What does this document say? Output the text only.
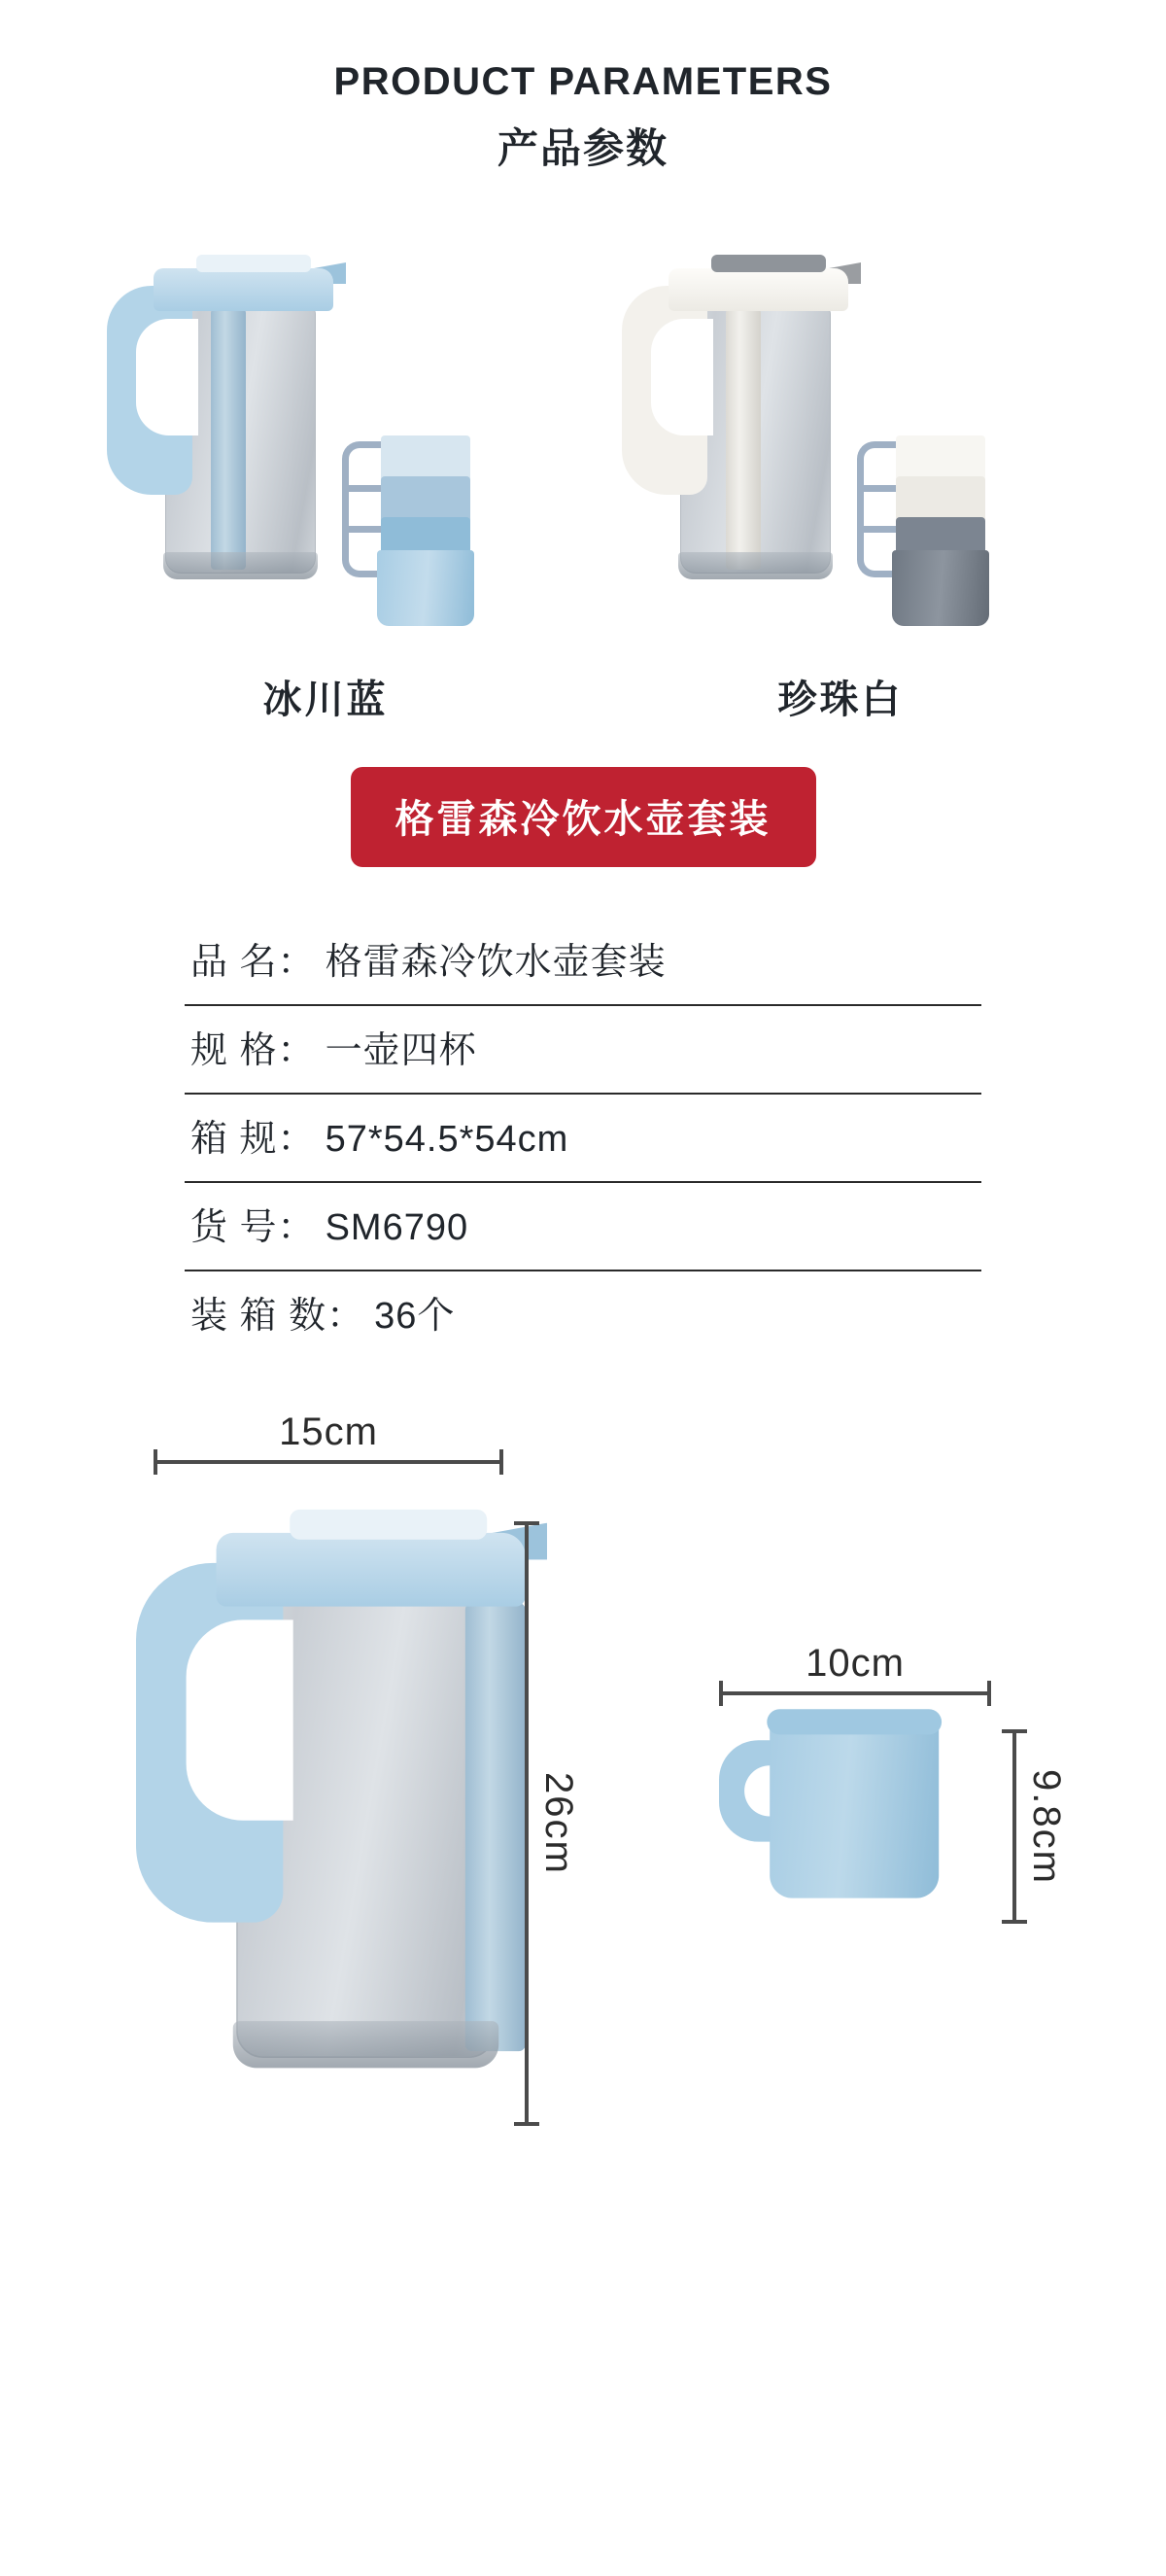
PRODUCT PARAMETERS
产品参数
冰川蓝	珍珠白
格雷森冷饮水壶套装
品 名： 格雷森冷饮水壶套装
规 格： 一壶四杯
箱 规： 57*54.5*54cm
货 号： SM6790
装 箱 数： 36个
15cm
26cm
10cm
9.8cm
